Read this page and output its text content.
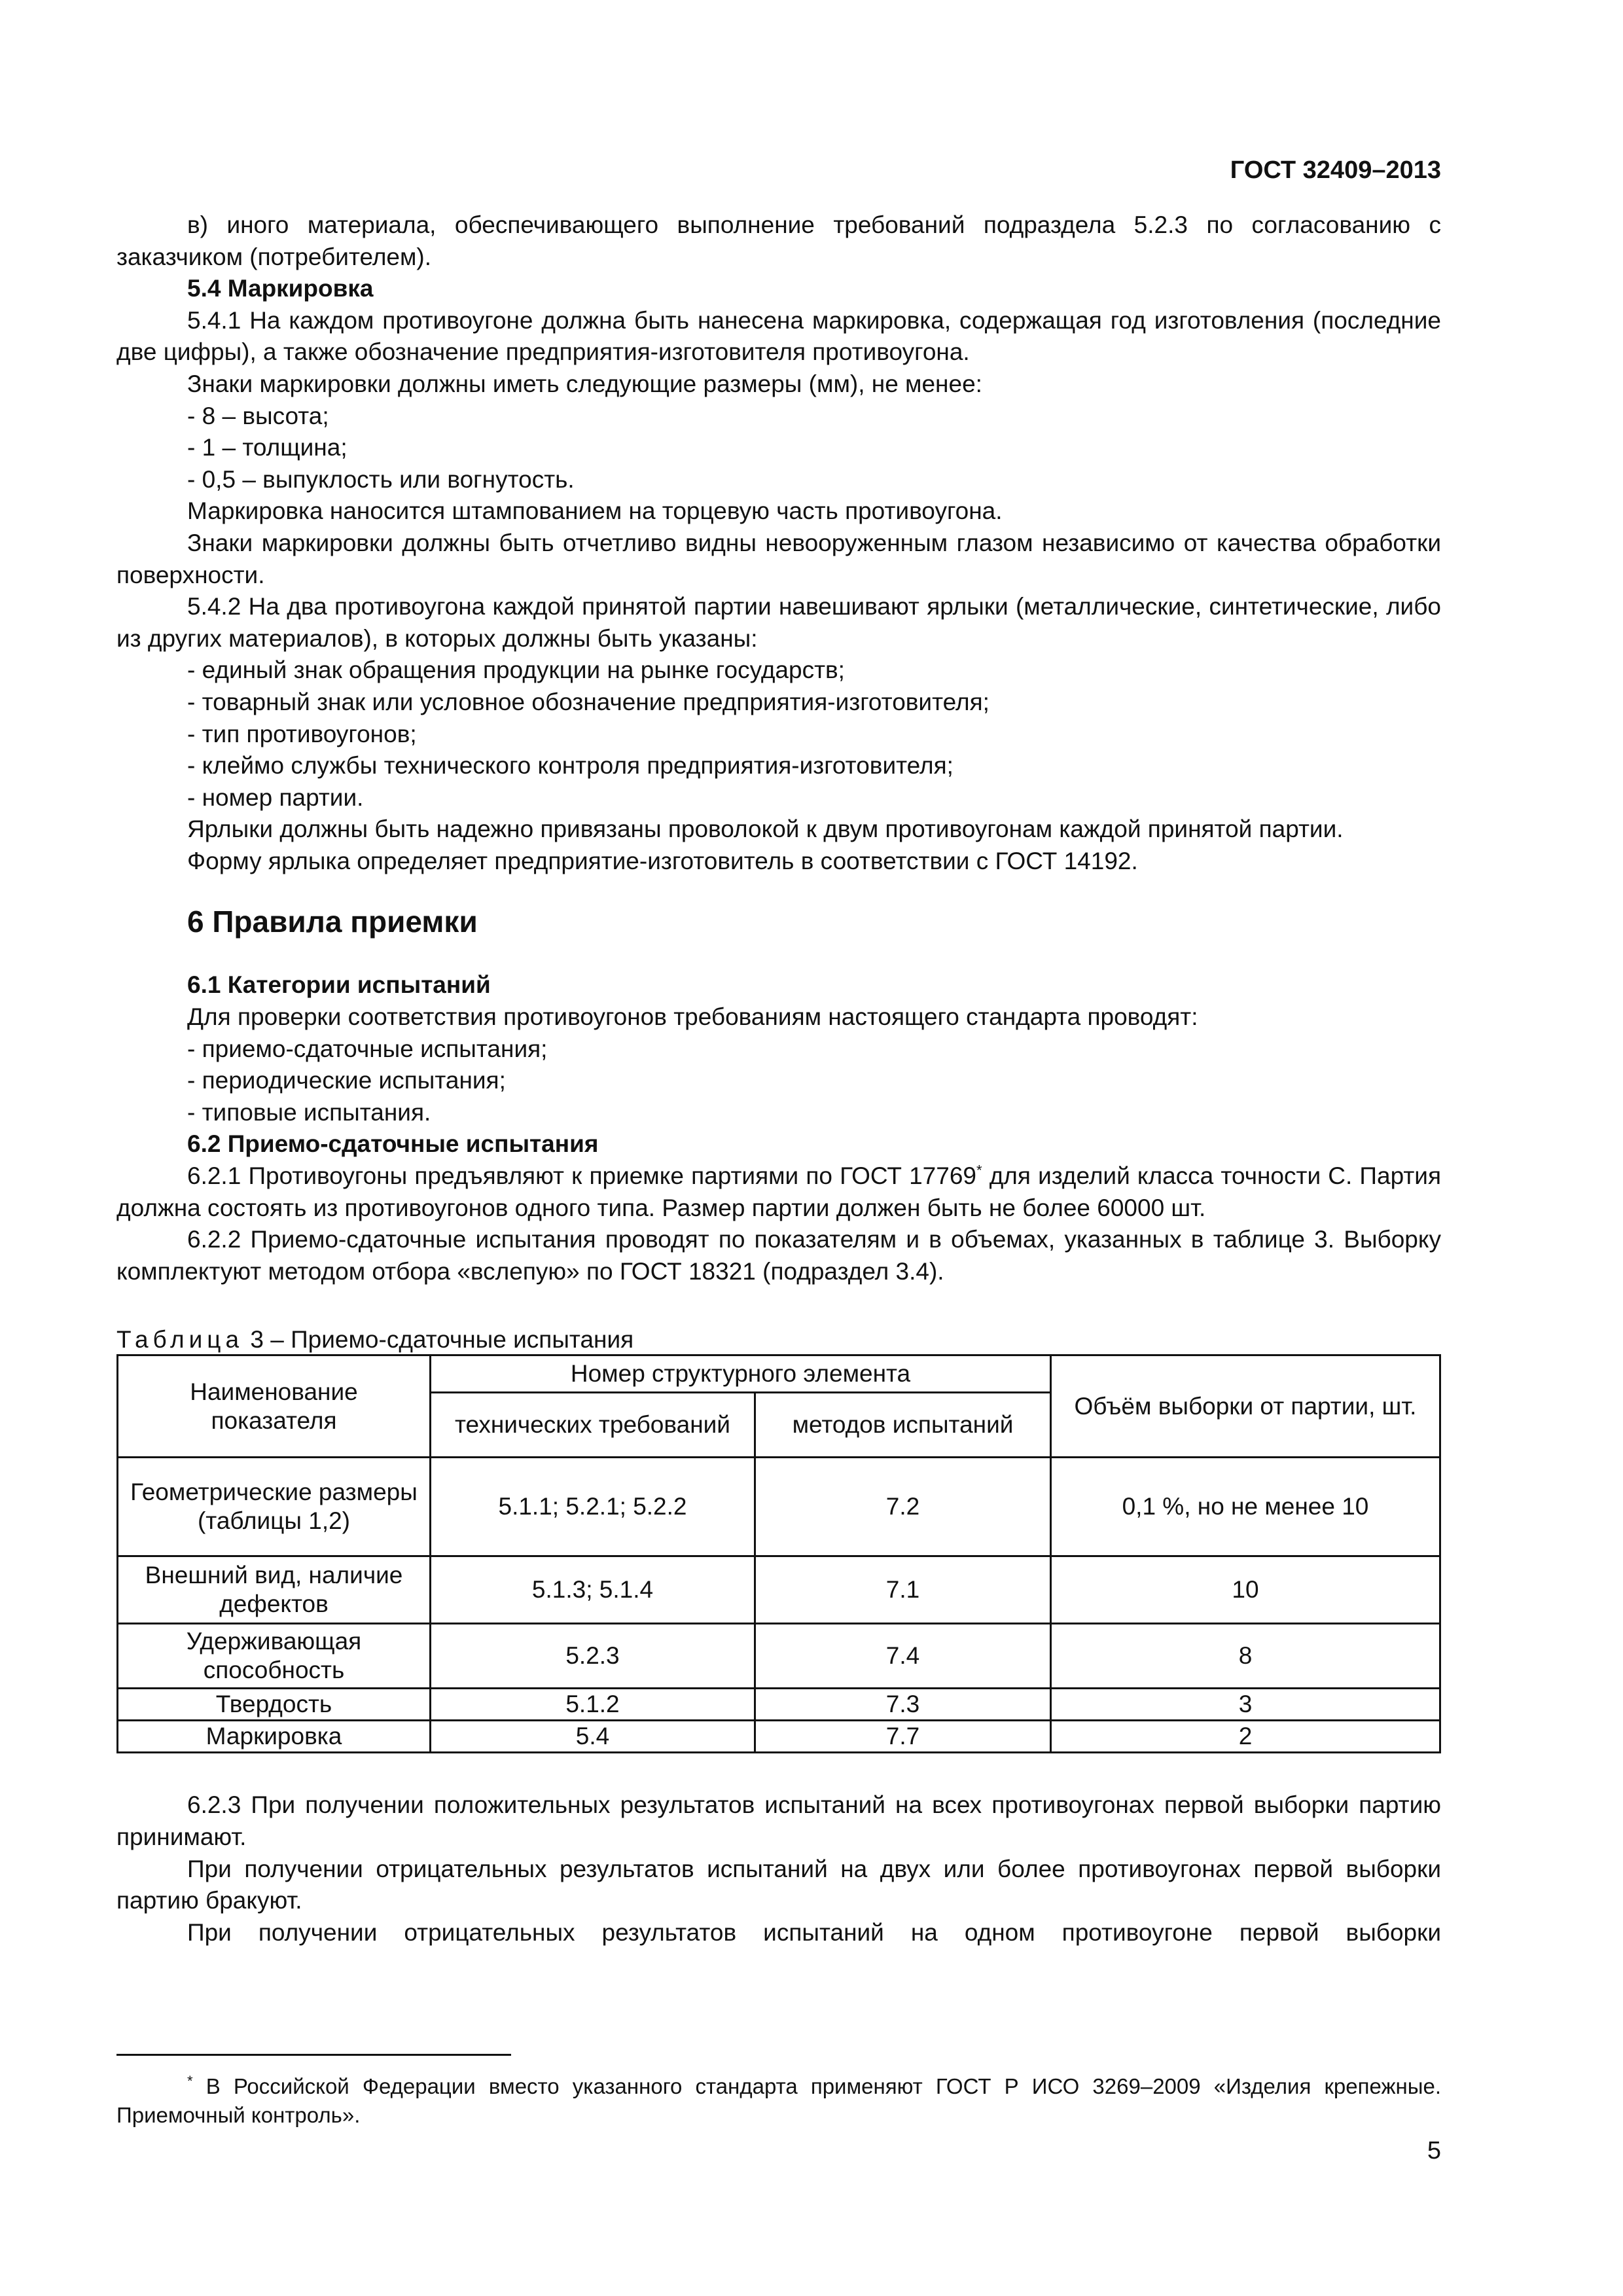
ГОСТ 32409–2013

в) иного материала, обеспечивающего выполнение требований подраздела 5.2.3 по согласованию с заказчиком (потребителем).

5.4 Маркировка

5.4.1 На каждом противоугоне должна быть нанесена маркировка, содержащая год изготовления (последние две цифры), а также обозначение предприятия-изготовителя противоугона.

Знаки маркировки должны иметь следующие размеры (мм), не менее:

- 8 – высота;

- 1 – толщина;

- 0,5 – выпуклость или вогнутость.

Маркировка наносится штампованием на торцевую часть противоугона.

Знаки маркировки должны быть отчетливо видны невооруженным глазом независимо от качества обработки поверхности.

5.4.2 На два противоугона каждой принятой партии навешивают ярлыки (металлические, синтетические, либо из других материалов), в которых должны быть указаны:

- единый знак обращения продукции на рынке государств;

- товарный знак или условное обозначение предприятия-изготовителя;

- тип противоугонов;

- клеймо службы технического контроля предприятия-изготовителя;

- номер партии.

Ярлыки должны быть надежно привязаны проволокой к двум противоугонам каждой принятой партии.

Форму ярлыка определяет предприятие-изготовитель в соответствии с ГОСТ 14192.

6 Правила приемки

6.1 Категории испытаний

Для проверки соответствия противоугонов требованиям настоящего стандарта проводят:

- приемо-сдаточные испытания;

- периодические испытания;

- типовые испытания.

6.2 Приемо-сдаточные испытания

6.2.1 Противоугоны предъявляют к приемке партиями по ГОСТ 17769* для изделий класса точности С. Партия должна состоять из противоугонов одного типа. Размер партии должен быть не более 60000 шт.

6.2.2 Приемо-сдаточные испытания проводят по показателям и в объемах, указанных в таблице 3. Выборку комплектуют методом отбора «вслепую» по ГОСТ 18321 (подраздел 3.4).

Таблица 3 – Приемо-сдаточные испытания

Наименование показателя	Номер структурного элемента		Объём выборки от партии, шт.
	технических требований	методов испытаний	
Геометрические размеры (таблицы 1,2)	5.1.1; 5.2.1; 5.2.2	7.2	0,1 %, но не менее 10
Внешний вид, наличие дефектов	5.1.3; 5.1.4	7.1	10
Удерживающая способность	5.2.3	7.4	8
Твердость	5.1.2	7.3	3
Маркировка	5.4	7.7	2

6.2.3 При получении положительных результатов испытаний на всех противоугонах первой выборки партию принимают.

При получении отрицательных результатов испытаний на двух или более противоугонах первой выборки партию бракуют.

При получении отрицательных результатов испытаний на одном противоугоне первой выборки

* В Российской Федерации вместо указанного стандарта применяют ГОСТ Р ИСО 3269–2009 «Изделия крепежные. Приемочный контроль».
5
